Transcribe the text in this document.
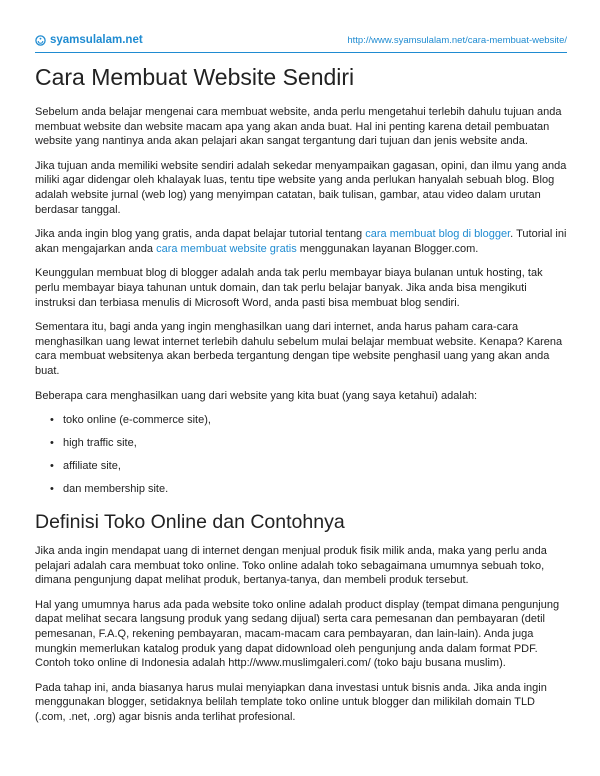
syamsulalam.net	http://www.syamsulalam.net/cara-membuat-website/
Cara Membuat Website Sendiri

Sebelum anda belajar mengenai cara membuat website, anda perlu mengetahui terlebih dahulu tujuan anda membuat website dan website macam apa yang akan anda buat. Hal ini penting karena detail pembuatan website yang nantinya anda akan pelajari akan sangat tergantung dari tujuan dan jenis website anda.

Jika tujuan anda memiliki website sendiri adalah sekedar menyampaikan gagasan, opini, dan ilmu yang anda miliki agar didengar oleh khalayak luas, tentu tipe website yang anda perlukan hanyalah sebuah blog. Blog adalah website jurnal (web log) yang menyimpan catatan, baik tulisan, gambar, atau video dalam urutan berdasar tanggal.

Jika anda ingin blog yang gratis, anda dapat belajar tutorial tentang cara membuat blog di blogger. Tutorial ini akan mengajarkan anda cara membuat website gratis menggunakan layanan Blogger.com.

Keunggulan membuat blog di blogger adalah anda tak perlu membayar biaya bulanan untuk hosting, tak perlu membayar biaya tahunan untuk domain, dan tak perlu belajar banyak. Jika anda bisa mengikuti instruksi dan terbiasa menulis di Microsoft Word, anda pasti bisa membuat blog sendiri.

Sementara itu, bagi anda yang ingin menghasilkan uang dari internet, anda harus paham cara-cara menghasilkan uang lewat internet terlebih dahulu sebelum mulai belajar membuat website. Kenapa? Karena cara membuat websitenya akan berbeda tergantung dengan tipe website penghasil uang yang akan anda buat.

Beberapa cara menghasilkan uang dari website yang kita buat (yang saya ketahui) adalah:

• toko online (e-commerce site),
• high traffic site,
• affiliate site,
• dan membership site.
Definisi Toko Online dan Contohnya

Jika anda ingin mendapat uang di internet dengan menjual produk fisik milik anda, maka yang perlu anda pelajari adalah cara membuat toko online. Toko online adalah toko sebagaimana umumnya sebuah toko, dimana pengunjung dapat melihat produk, bertanya-tanya, dan membeli produk tersebut.

Hal yang umumnya harus ada pada website toko online adalah product display (tempat dimana pengunjung dapat melihat secara langsung produk yang sedang dijual) serta cara pemesanan dan pembayaran (detil pemesanan, F.A.Q, rekening pembayaran, macam-macam cara pembayaran, dan lain-lain). Anda juga mungkin memerlukan katalog produk yang dapat didownload oleh pengunjung anda dalam format PDF. Contoh toko online di Indonesia adalah http://www.muslimgaleri.com/ (toko baju busana muslim).

Pada tahap ini, anda biasanya harus mulai menyiapkan dana investasi untuk bisnis anda. Jika anda ingin menggunakan blogger, setidaknya belilah template toko online untuk blogger dan milikilah domain TLD (.com, .net, .org) agar bisnis anda terlihat profesional.
